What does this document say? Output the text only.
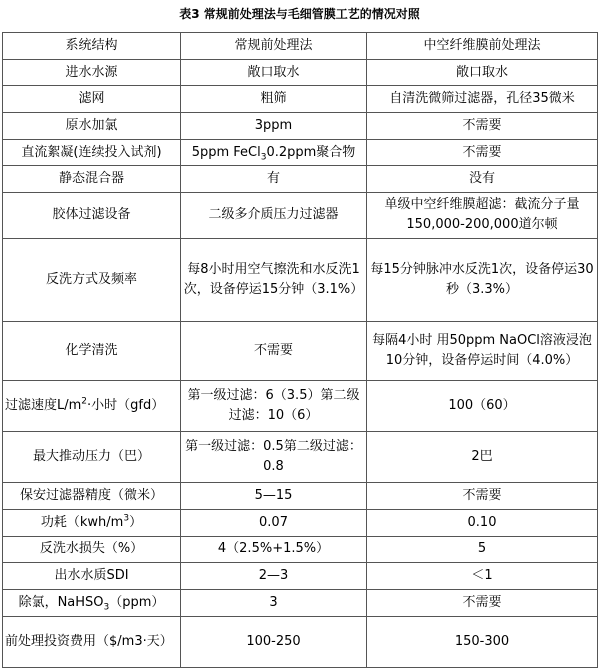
表3 常规前处理法与毛细管膜工艺的情况对照
系统结构	常规前处理法	中空纤维膜前处理法
进水水源	敞口取水	敞口取水
滤网	粗筛	自清洗微筛过滤器，孔径35微米
原水加氯	3ppm	不需要
直流絮凝(连续投入试剂)	5ppm FeCl$_3$0.2ppm聚合物	不需要
静态混合器	有	没有
胶体过滤设备	二级多介质压力过滤器	单级中空纤维膜超滤：截流分子量150,000-200,000道尔顿
反洗方式及频率	每8小时用空气擦洗和水反洗1次，设备停运15分钟（3.1%）	每15分钟脉冲水反洗1次，设备停运30秒（3.3%）
化学清洗	不需要	每隔4小时 用50ppm NaOCl溶液浸泡10分钟，设备停运时间（4.0%）
过滤速度$L/m^2\cdot$小时（gfd）	第一级过滤：6（3.5）第二级过滤：10（6）	100（60）
最大推动压力（巴）	第一级过滤：0.5第二级过滤：0.8	2巴
保安过滤器精度（微米）	5—15	不需要
功耗$(kwh/m^3)$	0.07	0.10
反洗水损失（%）	4（2.5%+1.5%）	5
出水水质SDI	2—3	＜1
除氯，NaHSO$_3$（ppm）	3	不需要
前处理投资费用（$/m3·天）	100-250	150-300
